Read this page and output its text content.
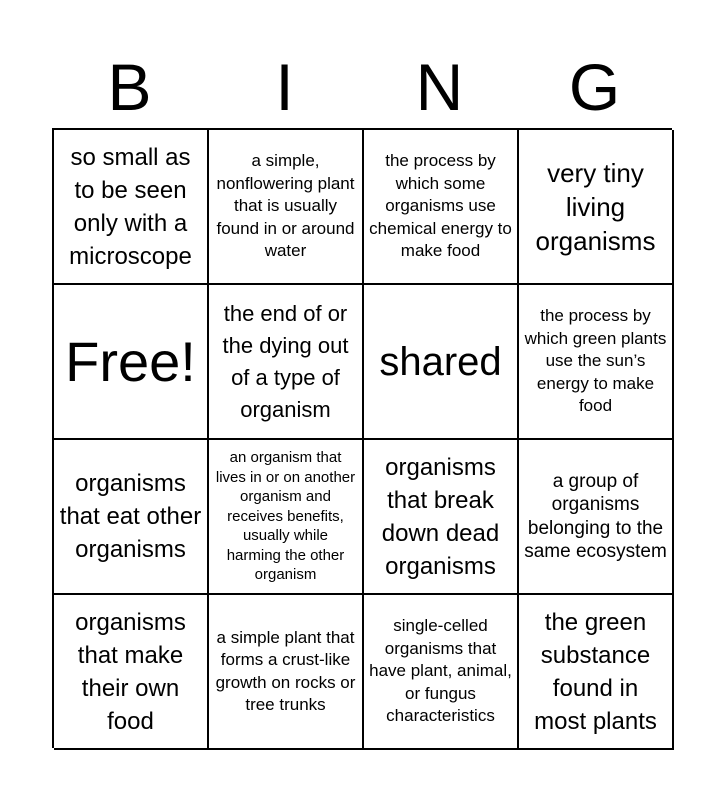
B	I	N	G
so small as to be seen only with a microscope
a simple, nonflowering plant that is usually found in or around water
the process by which some organisms use chemical energy to make food
very tiny living organisms
Free!
the end of or the dying out of a type of organism
shared
the process by which green plants use the sun’s energy to make food
organisms that eat other organisms
an organism that lives in or on another organism and receives benefits, usually while harming the other organism
organisms that break down dead organisms
a group of organisms belonging to the same ecosystem
organisms that make their own food
a simple plant that forms a crust-like growth on rocks or tree trunks
single-celled organisms that have plant, animal, or fungus characteristics
the green substance found in most plants
